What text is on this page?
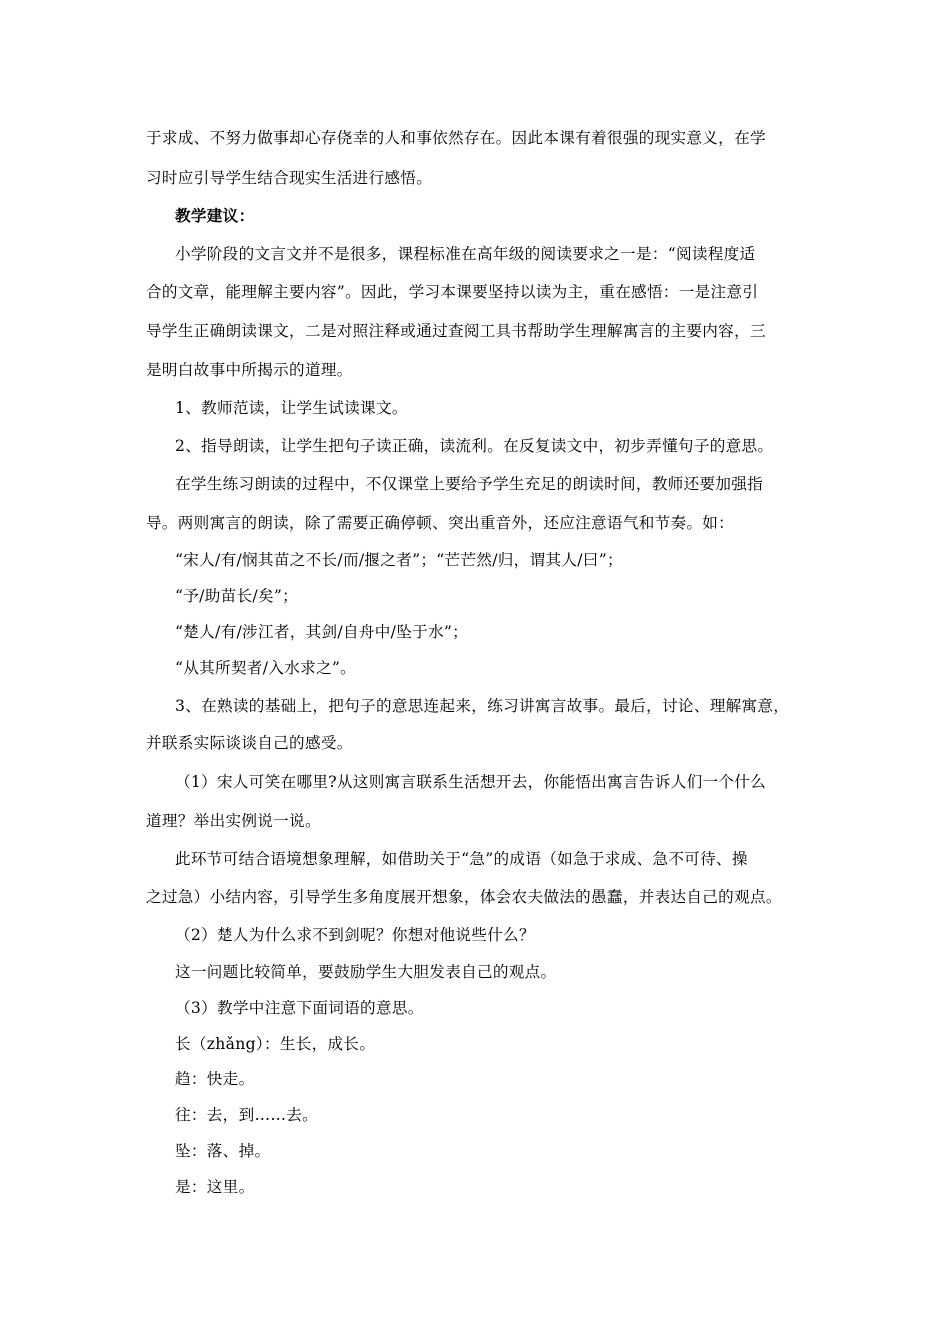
于求成、不努力做事却心存侥幸的人和事依然存在。因此本课有着很强的现实意义，在学
习时应引导学生结合现实生活进行感悟。
教学建议：
小学阶段的文言文并不是很多，课程标准在高年级的阅读要求之一是：“阅读程度适
合的文章，能理解主要内容”。因此，学习本课要坚持以读为主，重在感悟：一是注意引
导学生正确朗读课文，二是对照注释或通过查阅工具书帮助学生理解寓言的主要内容，三
是明白故事中所揭示的道理。
1、教师范读，让学生试读课文。
2、指导朗读，让学生把句子读正确，读流利。在反复读文中，初步弄懂句子的意思。
在学生练习朗读的过程中，不仅课堂上要给予学生充足的朗读时间，教师还要加强指
导。两则寓言的朗读，除了需要正确停顿、突出重音外，还应注意语气和节奏。如：
“宋人/有/悯其苗之不长/而/揠之者”；“芒芒然/归，谓其人/曰”；
“予/助苗长/矣”；
“楚人/有/涉江者，其剑/自舟中/坠于水”；
“从其所契者/入水求之”。
3、在熟读的基础上，把句子的意思连起来，练习讲寓言故事。最后，讨论、理解寓意，
并联系实际谈谈自己的感受。
（1）宋人可笑在哪里?从这则寓言联系生活想开去，你能悟出寓言告诉人们一个什么
道理？举出实例说一说。
此环节可结合语境想象理解，如借助关于“急”的成语（如急于求成、急不可待、操
之过急）小结内容，引导学生多角度展开想象，体会农夫做法的愚蠢，并表达自己的观点。
（2）楚人为什么求不到剑呢？你想对他说些什么？
这一问题比较简单，要鼓励学生大胆发表自己的观点。
（3）教学中注意下面词语的意思。
长（zhǎng）：生长，成长。
趋：快走。
往：去，到……去。
坠：落、掉。
是：这里。
